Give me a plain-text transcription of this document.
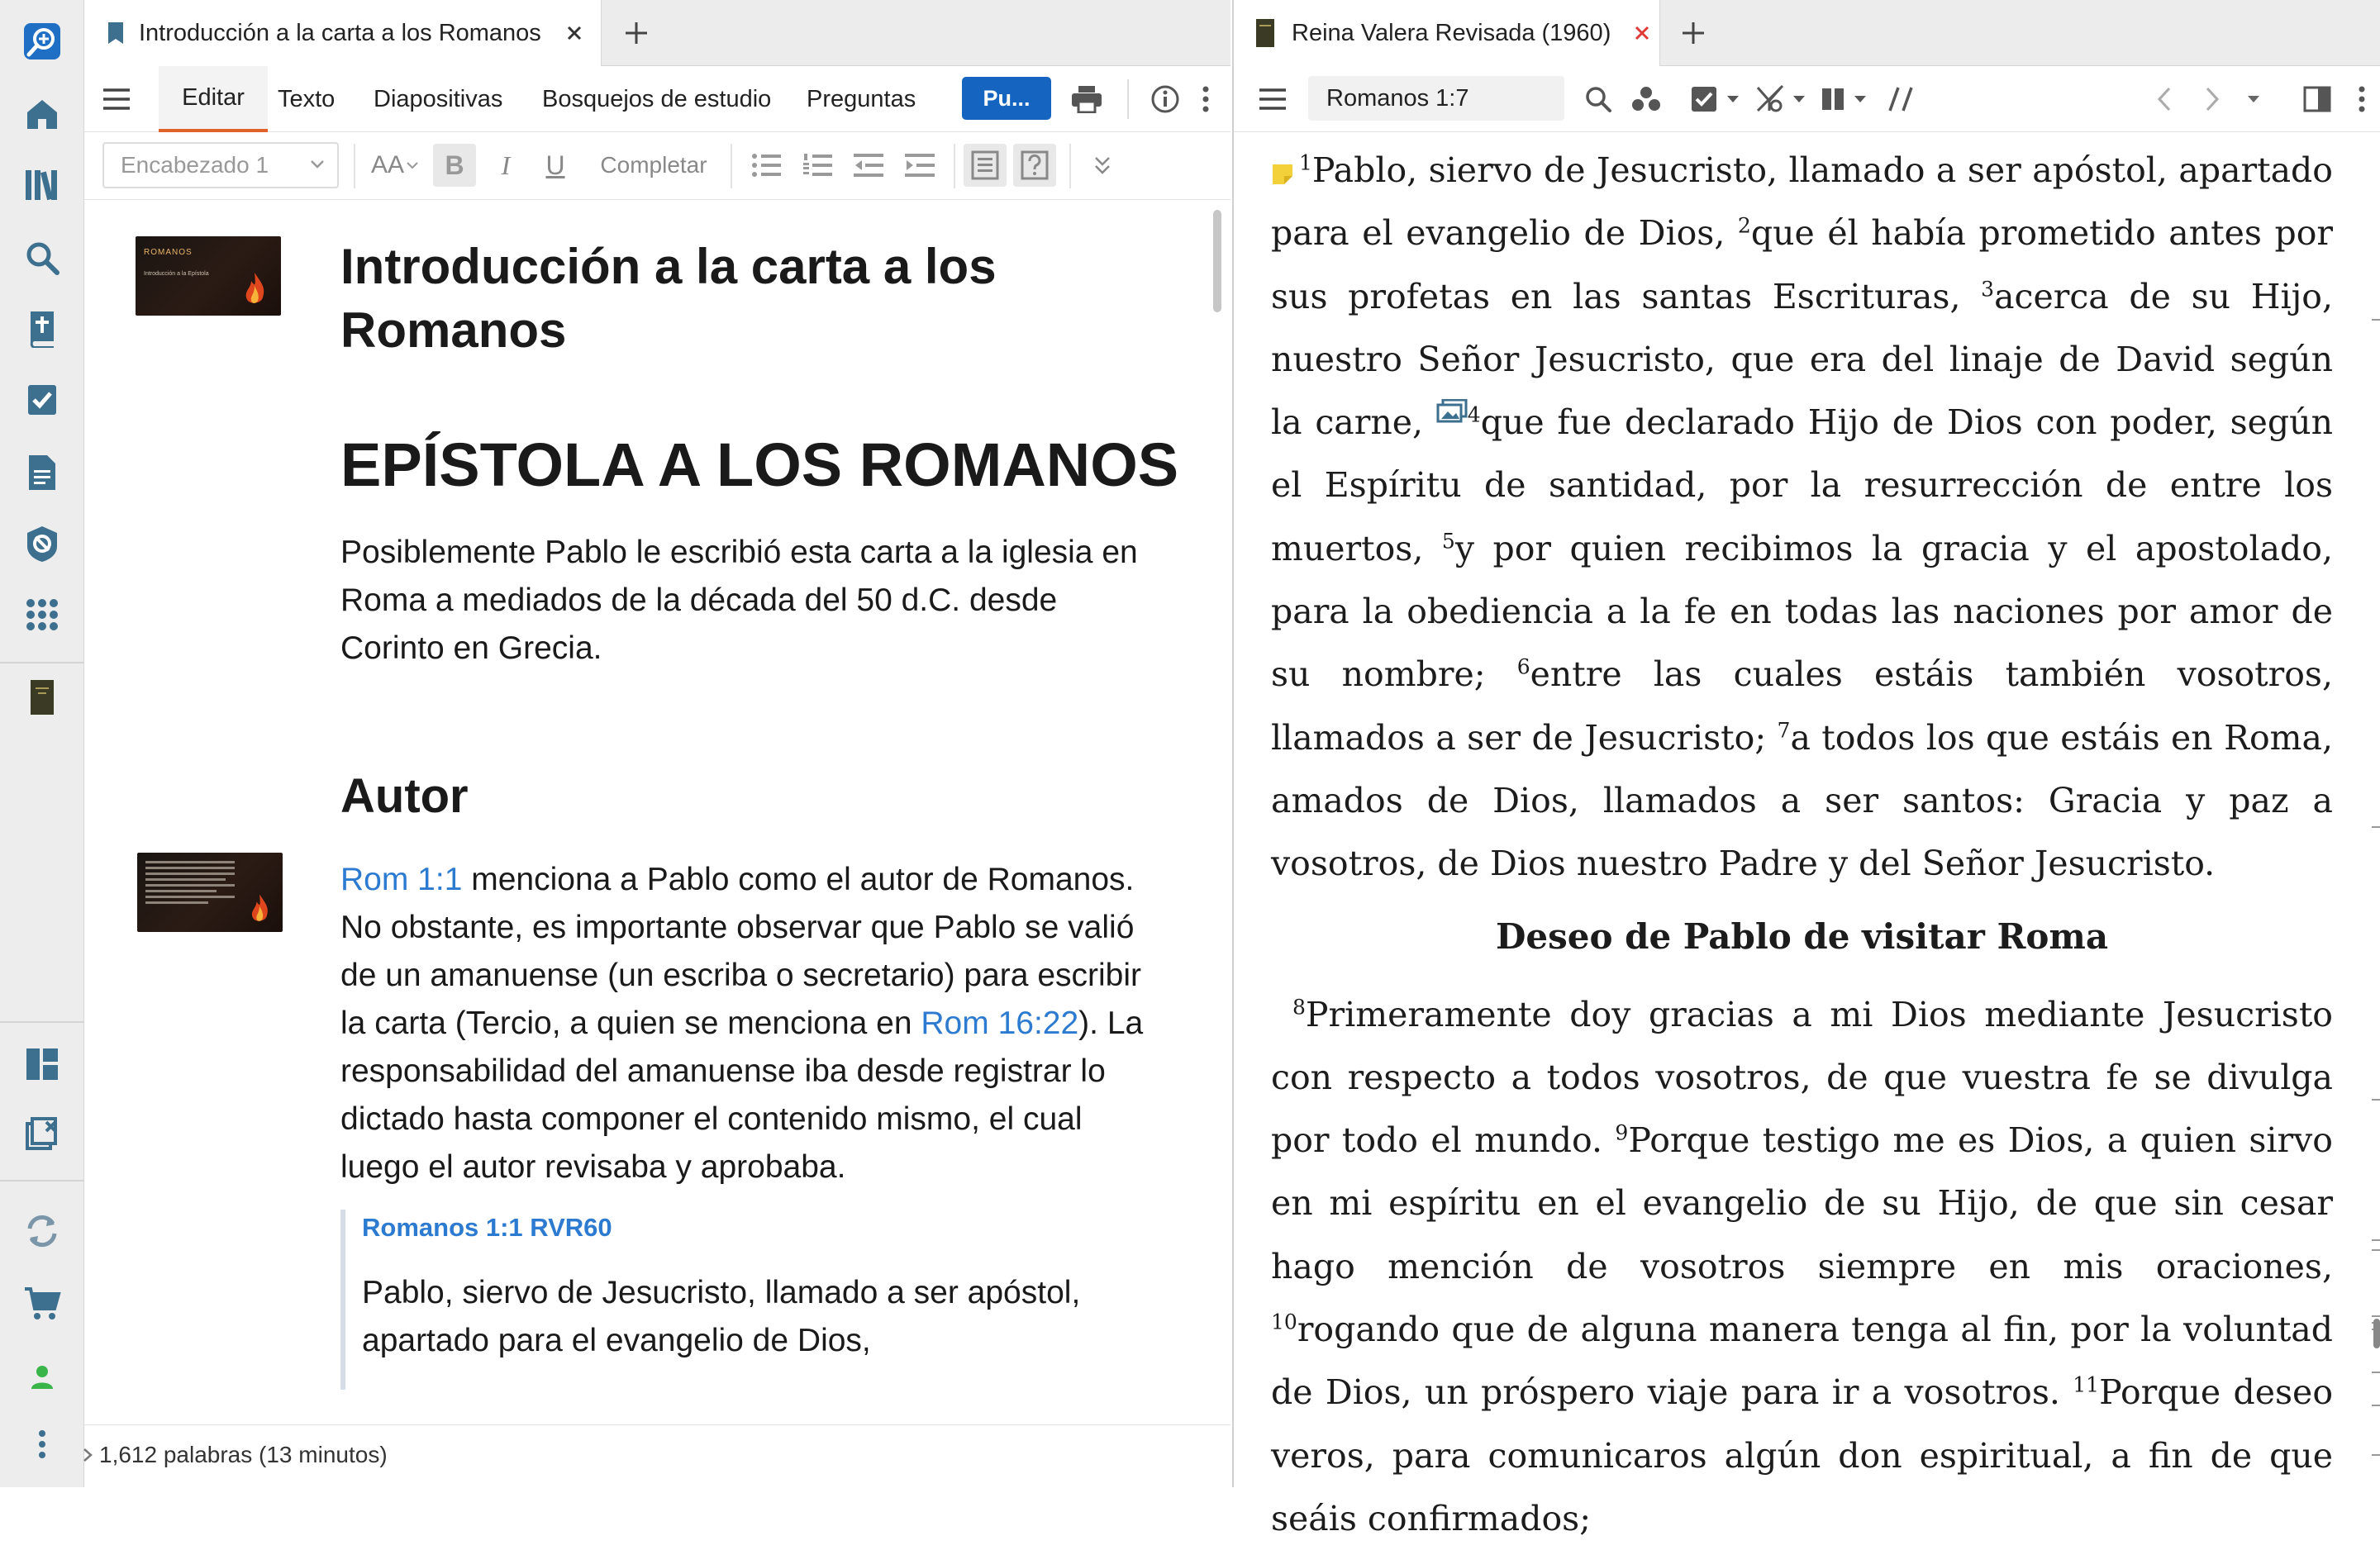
Introducción a la carta a los Romanos
Editar Texto Diapositivas Bosquejos de estudio Preguntas	Pu...
Encabezado 1	AA	B	I	U	Completar
ROMANOS
Introducción a la Epístola	Introducción a la carta a los Romanos
EPÍSTOLA A LOS ROMANOS

Posiblemente Pablo le escribió esta carta a la iglesia en Roma a mediados de la década del 50 d.C. desde Corinto en Grecia.

Autor

Rom 1:1 menciona a Pablo como el autor de Romanos. No obstante, es importante observar que Pablo se valió de un amanuense (un escriba o secretario) para escribir la carta (Tercio, a quien se menciona en Rom 16:22). La responsabilidad del amanuense iba desde registrar lo dictado hasta componer el contenido mismo, el cual luego el autor revisaba y aprobaba.

Romanos 1:1 RVR60

Pablo, siervo de Jesucristo, llamado a ser apóstol, apartado para el evangelio de Dios,

1,612 palabras (13 minutos)
Reina Valera Revisada (1960)
Romanos 1:7

$^1$Pablo, siervo de Jesucristo, llamado a ser apóstol, apartado para el evangelio de Dios, $^2$que él había prometido antes por sus profetas en las santas Escrituras, $^3$acerca de su Hijo, nuestro Señor Jesucristo, que era del linaje de David según la carne,
$^4$que fue declarado Hijo de Dios con poder, según el Espíritu de santidad, por la resurrección de entre los muertos, $^5$y por quien recibimos la gracia y el apostolado, para la obediencia a la fe en todas las naciones por amor de su nombre; $^6$entre las cuales estáis también vosotros, llamados a ser de Jesucristo; $^7$a todos los que estáis en Roma, amados de Dios, llamados a ser santos: Gracia y paz a vosotros, de Dios nuestro Padre y del Señor Jesucristo.

Deseo de Pablo de visitar Roma

$^8$Primeramente doy gracias a mi Dios mediante Jesucristo con respecto a todos vosotros, de que vuestra fe se divulga por todo el mundo. $^9$Porque testigo me es Dios, a quien sirvo en mi espíritu en el evangelio de su Hijo, de que sin cesar hago mención de vosotros siempre en mis oraciones, $^{10}$rogando que de alguna manera tenga al fin, por la voluntad de Dios, un próspero viaje para ir a vosotros. $^{11}$Porque deseo veros, para comunicaros algún don espiritual, a fin de que seáis confirmados;
